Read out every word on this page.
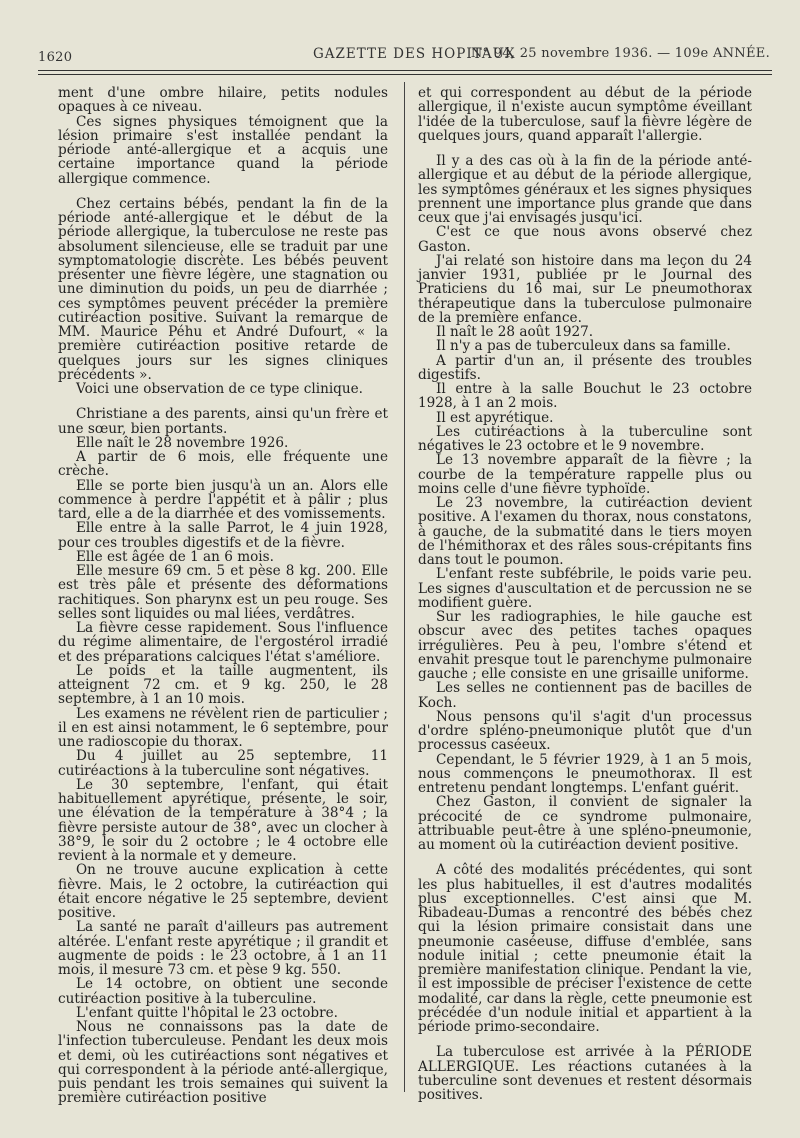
1620	GAZETTE DES HOPITAUX
N° 94, 25 novembre 1936. — 109e ANNÉE.

ment d'une ombre hilaire, petits nodules opaques à ce niveau.

Ces signes physiques témoignent que la lésion primaire s'est installée pendant la période anté-allergique et a acquis une certaine importance quand la période allergique commence.

Chez certains bébés, pendant la fin de la période anté-allergique et le début de la période allergique, la tuberculose ne reste pas absolument silencieuse, elle se traduit par une symptomatologie discrète. Les bébés peuvent présenter une fièvre légère, une stagnation ou une diminution du poids, un peu de diarrhée ; ces symptômes peuvent précéder la première cutiréaction positive. Suivant la remarque de MM. Maurice Péhu et André Dufourt, « la première cutiréaction positive retarde de quelques jours sur les signes cliniques précédents ».

Voici une observation de ce type clinique.

Christiane a des parents, ainsi qu'un frère et une sœur, bien portants.

Elle naît le 28 novembre 1926.

A partir de 6 mois, elle fréquente une crèche.

Elle se porte bien jusqu'à un an. Alors elle commence à perdre l'appétit et à pâlir ; plus tard, elle a de la diarrhée et des vomissements.

Elle entre à la salle Parrot, le 4 juin 1928, pour ces troubles digestifs et de la fièvre.

Elle est âgée de 1 an 6 mois.

Elle mesure 69 cm. 5 et pèse 8 kg. 200. Elle est très pâle et présente des déformations rachitiques. Son pharynx est un peu rouge. Ses selles sont liquides ou mal liées, verdâtres.

La fièvre cesse rapidement. Sous l'influence du régime alimentaire, de l'ergostérol irradié et des préparations calciques l'état s'améliore.

Le poids et la taille augmentent, ils atteignent 72 cm. et 9 kg. 250, le 28 septembre, à 1 an 10 mois.

Les examens ne révèlent rien de particulier ; il en est ainsi notamment, le 6 septembre, pour une radioscopie du thorax.

Du 4 juillet au 25 septembre, 11 cutiréactions à la tuberculine sont négatives.

Le 30 septembre, l'enfant, qui était habituellement apyrétique, présente, le soir, une élévation de la température à 38°4 ; la fièvre persiste autour de 38°, avec un clocher à 38°9, le soir du 2 octobre ; le 4 octobre elle revient à la normale et y demeure.

On ne trouve aucune explication à cette fièvre. Mais, le 2 octobre, la cutiréaction qui était encore négative le 25 septembre, devient positive.

La santé ne paraît d'ailleurs pas autrement altérée. L'enfant reste apyrétique ; il grandit et augmente de poids : le 23 octobre, à 1 an 11 mois, il mesure 73 cm. et pèse 9 kg. 550.

Le 14 octobre, on obtient une seconde cutiréaction positive à la tuberculine.

L'enfant quitte l'hôpital le 23 octobre.

Nous ne connaissons pas la date de l'infection tuberculeuse. Pendant les deux mois et demi, où les cutiréactions sont négatives et qui correspondent à la période anté-allergique, puis pendant les trois semaines qui suivent la première cutiréaction positive

et qui correspondent au début de la période allergique, il n'existe aucun symptôme éveillant l'idée de la tuberculose, sauf la fièvre légère de quelques jours, quand apparaît l'allergie.

Il y a des cas où à la fin de la période anté-allergique et au début de la période allergique, les symptômes généraux et les signes physiques prennent une importance plus grande que dans ceux que j'ai envisagés jusqu'ici.

C'est ce que nous avons observé chez Gaston.

J'ai relaté son histoire dans ma leçon du 24 janvier 1931, publiée pr le Journal des Praticiens du 16 mai, sur Le pneumothorax thérapeutique dans la tuberculose pulmonaire de la première enfance.

Il naît le 28 août 1927.

Il n'y a pas de tuberculeux dans sa famille.

A partir d'un an, il présente des troubles digestifs.

Il entre à la salle Bouchut le 23 octobre 1928, à 1 an 2 mois.

Il est apyrétique.

Les cutiréactions à la tuberculine sont négatives le 23 octobre et le 9 novembre.

Le 13 novembre apparaît de la fièvre ; la courbe de la température rappelle plus ou moins celle d'une fièvre typhoïde.

Le 23 novembre, la cutiréaction devient positive. A l'examen du thorax, nous constatons, à gauche, de la submatité dans le tiers moyen de l'hémithorax et des râles sous-crépitants fins dans tout le poumon.

L'enfant reste subfébrile, le poids varie peu. Les signes d'auscultation et de percussion ne se modifient guère.

Sur les radiographies, le hile gauche est obscur avec des petites taches opaques irrégulières. Peu à peu, l'ombre s'étend et envahit presque tout le parenchyme pulmonaire gauche ; elle consiste en une grisaille uniforme.

Les selles ne contiennent pas de bacilles de Koch.

Nous pensons qu'il s'agit d'un processus d'ordre spléno-pneumonique plutôt que d'un processus caséeux.

Cependant, le 5 février 1929, à 1 an 5 mois, nous commençons le pneumothorax. Il est entretenu pendant longtemps. L'enfant guérit.

Chez Gaston, il convient de signaler la précocité de ce syndrome pulmonaire, attribuable peut-être à une spléno-pneumonie, au moment où la cutiréaction devient positive.

A côté des modalités précédentes, qui sont les plus habituelles, il est d'autres modalités plus exceptionnelles. C'est ainsi que M. Ribadeau-Dumas a rencontré des bébés chez qui la lésion primaire consistait dans une pneumonie caséeuse, diffuse d'emblée, sans nodule initial ; cette pneumonie était la première manifestation clinique. Pendant la vie, il est impossible de préciser l'existence de cette modalité, car dans la règle, cette pneumonie est précédée d'un nodule initial et appartient à la période primo-secondaire.

La tuberculose est arrivée à la PÉRIODE ALLERGIQUE. Les réactions cutanées à la tuberculine sont devenues et restent désormais positives.
